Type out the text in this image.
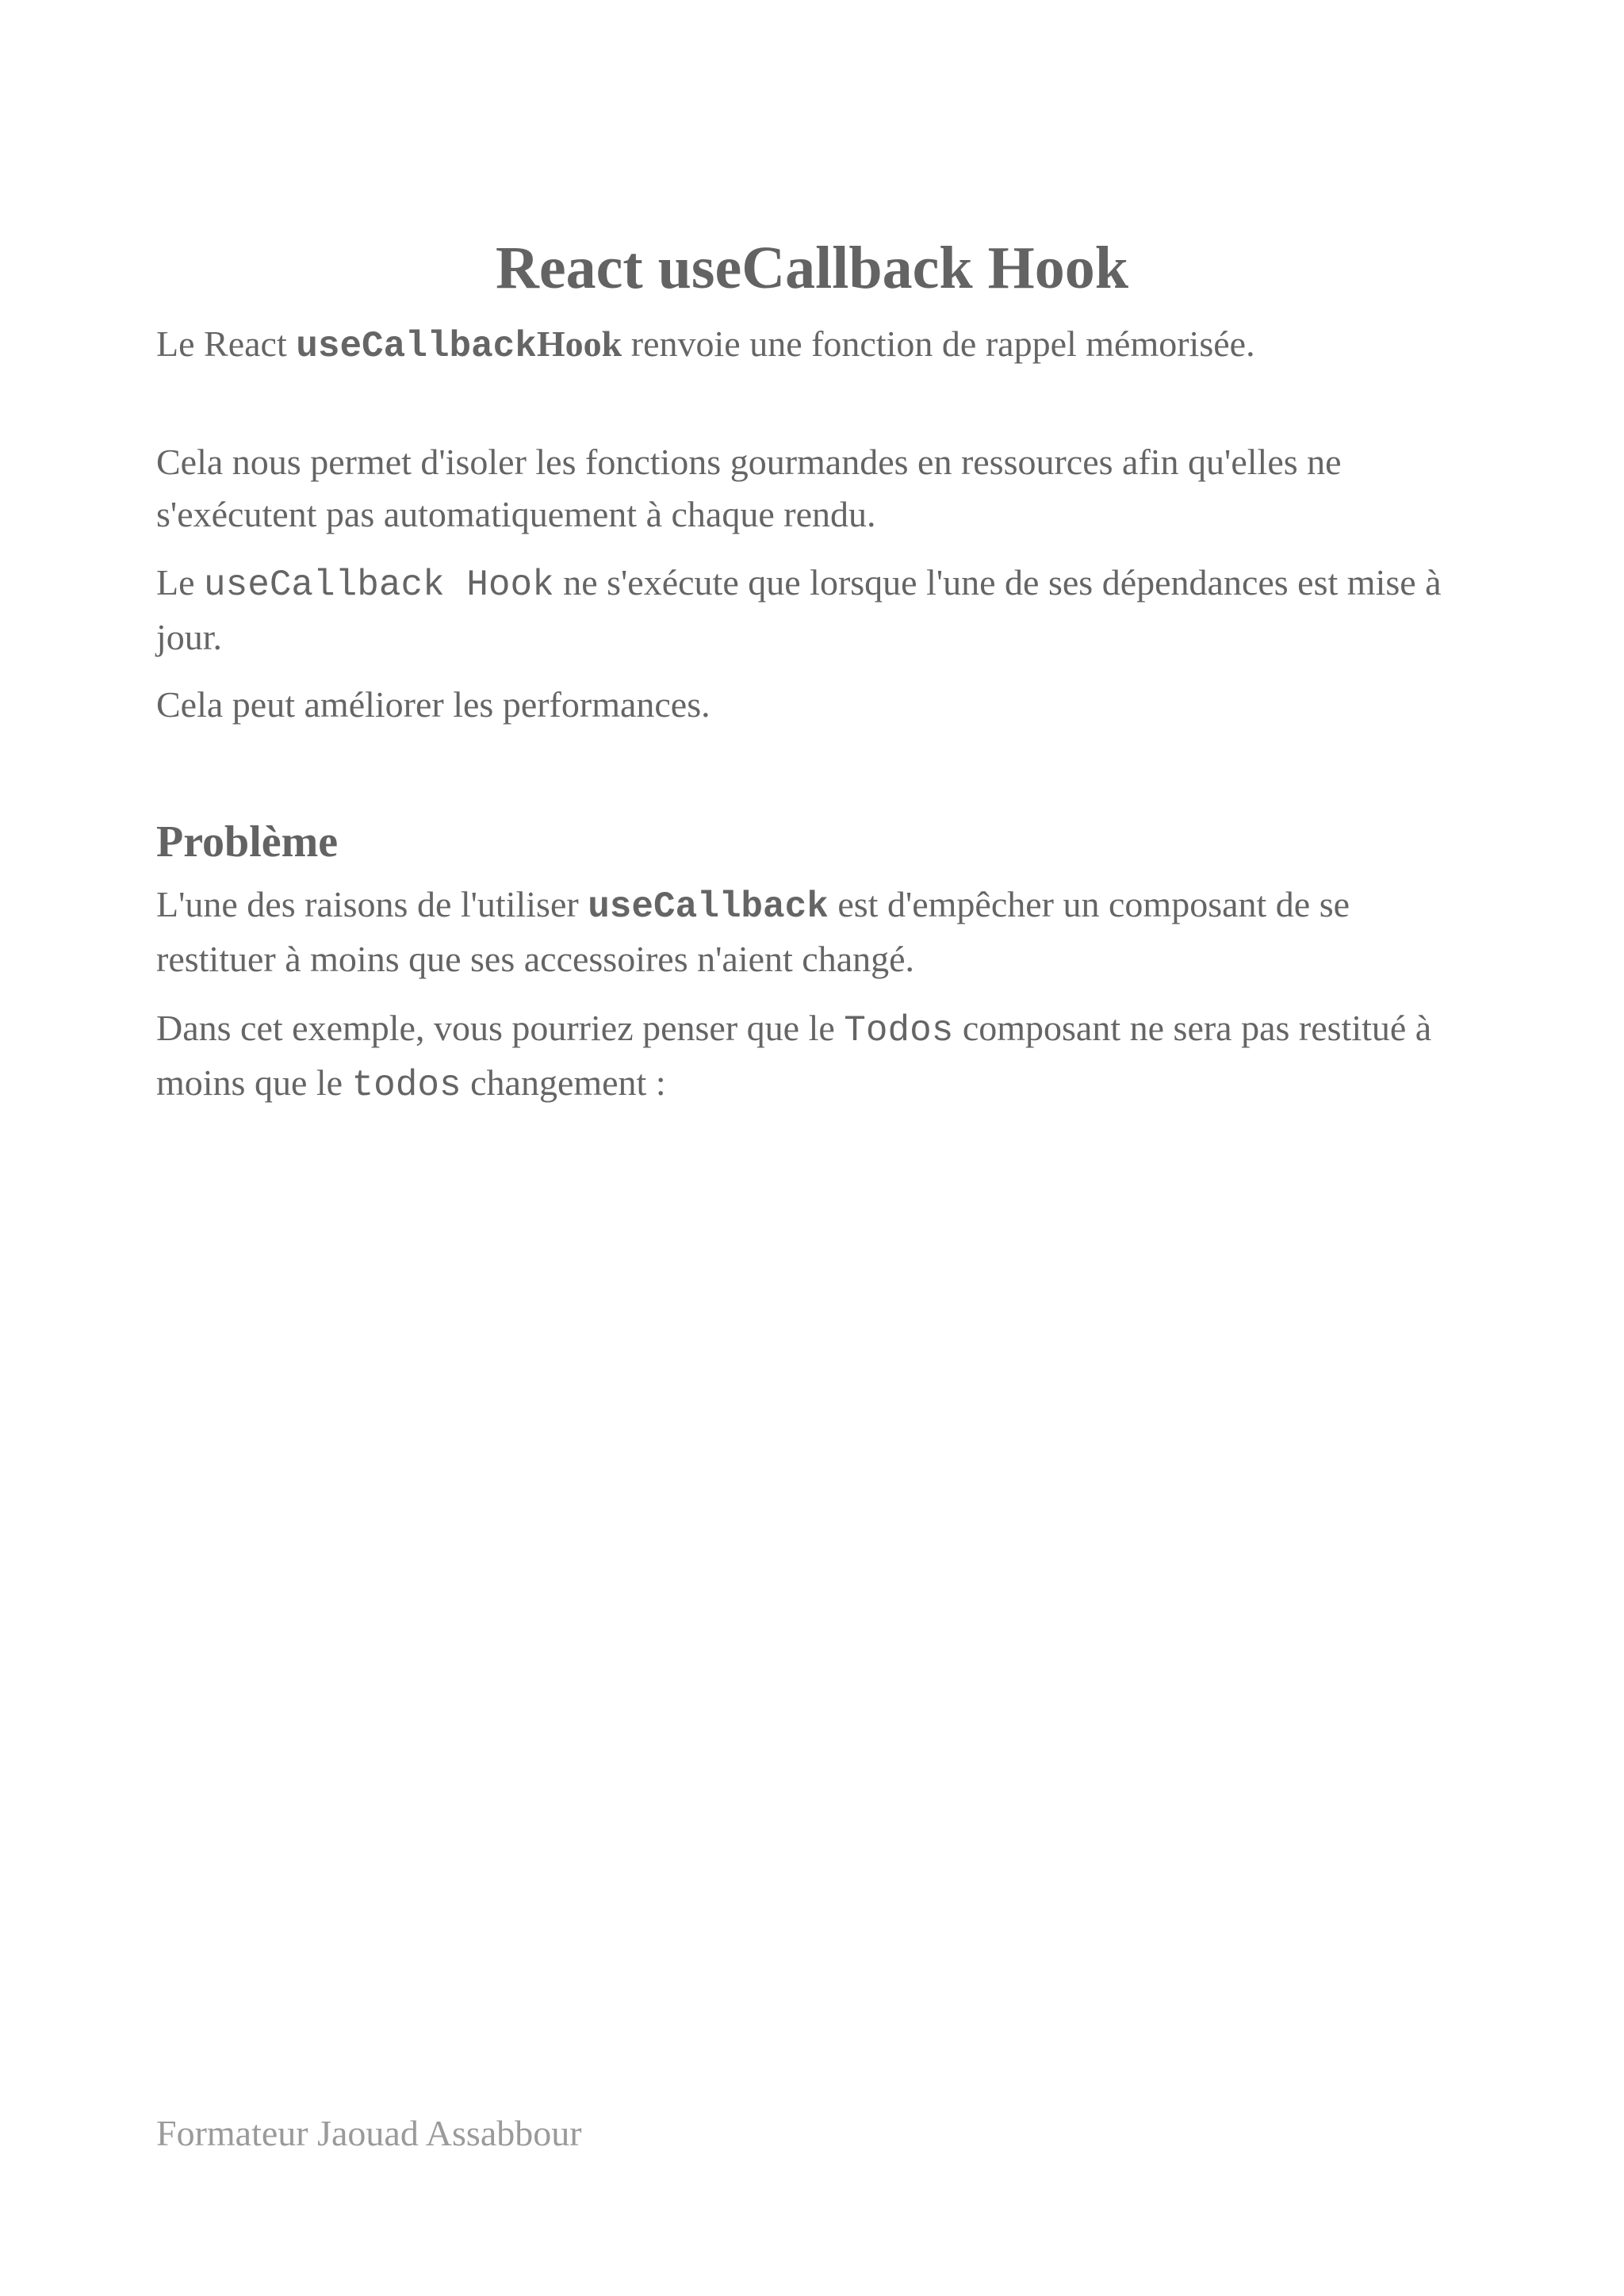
React useCallback Hook

Le React useCallbackHook renvoie une fonction de rappel mémorisée.

Cela nous permet d'isoler les fonctions gourmandes en ressources afin qu'elles ne s'exécutent pas automatiquement à chaque rendu.

Le useCallback Hook ne s'exécute que lorsque l'une de ses dépendances est mise à jour.

Cela peut améliorer les performances.

Problème

L'une des raisons de l'utiliser useCallback est d'empêcher un composant de se restituer à moins que ses accessoires n'aient changé.

Dans cet exemple, vous pourriez penser que le Todos composant ne sera pas restitué à moins que le todos changement :

Formateur Jaouad Assabbour
